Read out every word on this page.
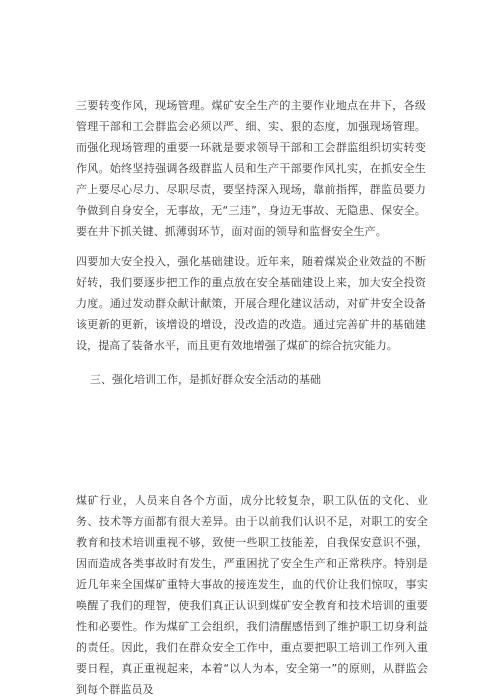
三要转变作风，现场管理。煤矿安全生产的主要作业地点在井下，各级管理干部和工会群监会必须以严、细、实、狠的态度，加强现场管理。而强化现场管理的重要一环就是要求领导干部和工会群监组织切实转变作风。始终坚持强调各级群监人员和生产干部要作风扎实，在抓安全生产上要尽心尽力、尽职尽责，要坚持深入现场，靠前指挥，群监员要力争做到自身安全，无事故，无“三违”，身边无事故、无隐患、保安全。要在井下抓关键、抓薄弱环节，面对面的领导和监督安全生产。

四要加大安全投入，强化基础建设。近年来，随着煤炭企业效益的不断好转，我们要逐步把工作的重点放在安全基础建设上来，加大安全投资力度。通过发动群众献计献策，开展合理化建议活动，对矿井安全设备该更新的更新，该增设的增设，没改造的改造。通过完善矿井的基础建设，提高了装备水平，而且更有效地增强了煤矿的综合抗灾能力。

三、强化培训工作，是抓好群众安全活动的基础

煤矿行业，人员来自各个方面，成分比较复杂，职工队伍的文化、业务、技术等方面都有很大差异。由于以前我们认识不足，对职工的安全教育和技术培训重视不够，致使一些职工技能差，自我保安意识不强，因而造成各类事故时有发生，严重困扰了安全生产和正常秩序。特别是近几年来全国煤矿重特大事故的接连发生，血的代价让我们惊叹，事实唤醒了我们的理智，使我们真正认识到煤矿安全教育和技术培训的重要性和必要性。作为煤矿工会组织，我们清醒感悟到了维护职工切身利益的责任。因此，我们在群众安全工作中，重点要把职工培训工作列入重要日程，真正重视起来，本着“以人为本，安全第一”的原则，从群监会到每个群监员及
